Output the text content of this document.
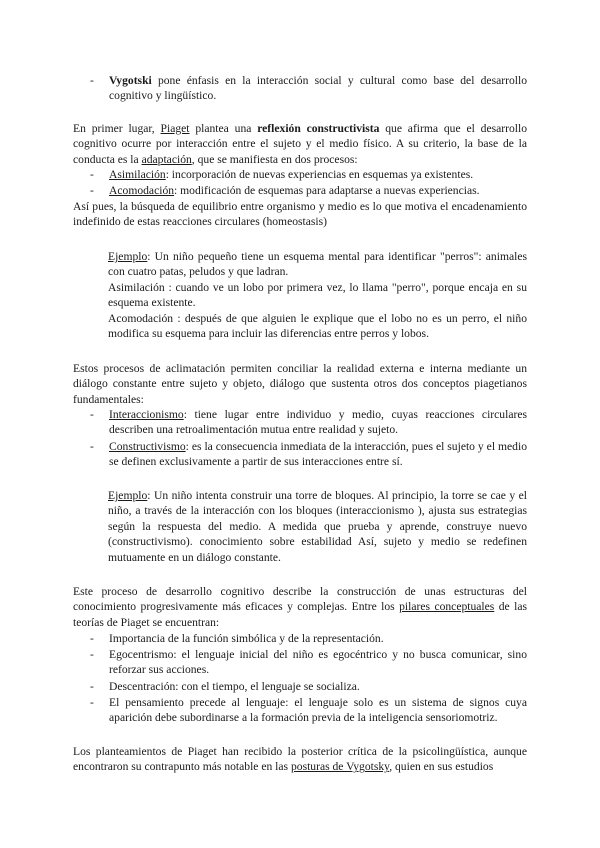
- Vygotski pone énfasis en la interacción social y cultural como base del desarrollo cognitivo y lingüístico.

En primer lugar, Piaget plantea una reflexión constructivista que afirma que el desarrollo cognitivo ocurre por interacción entre el sujeto y el medio físico. A su criterio, la base de la conducta es la adaptación, que se manifiesta en dos procesos:

- Asimilación: incorporación de nuevas experiencias en esquemas ya existentes.
- Acomodación: modificación de esquemas para adaptarse a nuevas experiencias.

Así pues, la búsqueda de equilibrio entre organismo y medio es lo que motiva el encadenamiento indefinido de estas reacciones circulares (homeostasis)

Ejemplo: Un niño pequeño tiene un esquema mental para identificar "perros": animales con cuatro patas, peludos y que ladran.
Asimilación : cuando ve un lobo por primera vez, lo llama "perro", porque encaja en su esquema existente.
Acomodación : después de que alguien le explique que el lobo no es un perro, el niño modifica su esquema para incluir las diferencias entre perros y lobos.

Estos procesos de aclimatación permiten conciliar la realidad externa e interna mediante un diálogo constante entre sujeto y objeto, diálogo que sustenta otros dos conceptos piagetianos fundamentales:

- Interaccionismo: tiene lugar entre individuo y medio, cuyas reacciones circulares describen una retroalimentación mutua entre realidad y sujeto.
- Constructivismo: es la consecuencia inmediata de la interacción, pues el sujeto y el medio se definen exclusivamente a partir de sus interacciones entre sí.

Ejemplo: Un niño intenta construir una torre de bloques. Al principio, la torre se cae y el niño, a través de la interacción con los bloques (interaccionismo ), ajusta sus estrategias según la respuesta del medio. A medida que prueba y aprende, construye nuevo (constructivismo). conocimiento sobre estabilidad Así, sujeto y medio se redefinen mutuamente en un diálogo constante.

Este proceso de desarrollo cognitivo describe la construcción de unas estructuras del conocimiento progresivamente más eficaces y complejas. Entre los pilares conceptuales de las teorías de Piaget se encuentran:

- Importancia de la función simbólica y de la representación.
- Egocentrismo: el lenguaje inicial del niño es egocéntrico y no busca comunicar, sino reforzar sus acciones.
- Descentración: con el tiempo, el lenguaje se socializa.
- El pensamiento precede al lenguaje: el lenguaje solo es un sistema de signos cuya aparición debe subordinarse a la formación previa de la inteligencia sensoriomotriz.

Los planteamientos de Piaget han recibido la posterior crítica de la psicolingüística, aunque encontraron su contrapunto más notable en las posturas de Vygotsky, quien en sus estudios
